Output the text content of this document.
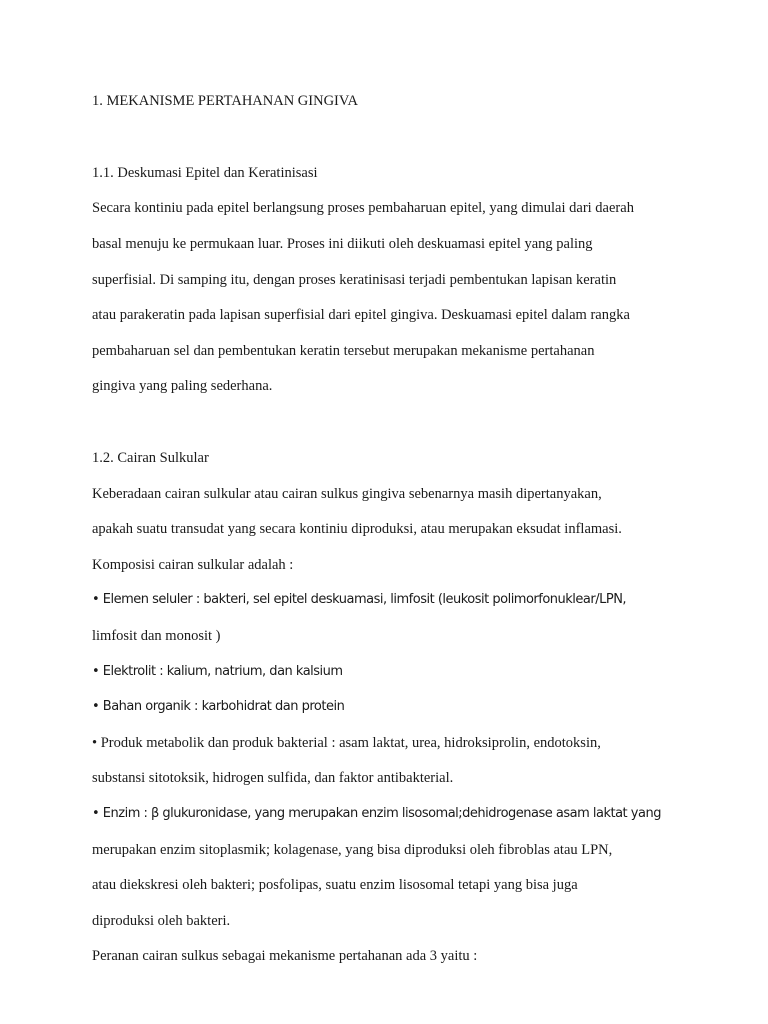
1. MEKANISME PERTAHANAN GINGIVA
1.1. Deskumasi Epitel dan Keratinisasi
Secara kontiniu pada epitel berlangsung proses pembaharuan epitel, yang dimulai dari daerah
basal menuju ke permukaan luar. Proses ini diikuti oleh deskuamasi epitel yang paling
superfisial. Di samping itu, dengan proses keratinisasi terjadi pembentukan lapisan keratin
atau parakeratin pada lapisan superfisial dari epitel gingiva. Deskuamasi epitel dalam rangka
pembaharuan sel dan pembentukan keratin tersebut merupakan mekanisme pertahanan
gingiva yang paling sederhana.
1.2. Cairan Sulkular
Keberadaan cairan sulkular atau cairan sulkus gingiva sebenarnya masih dipertanyakan,
apakah suatu transudat yang secara kontiniu diproduksi, atau merupakan eksudat inflamasi.
Komposisi cairan sulkular adalah :
• Elemen seluler : bakteri, sel epitel deskuamasi, limfosit (leukosit polimorfonuklear/LPN,
limfosit dan monosit )
• Elektrolit : kalium, natrium, dan kalsium
• Bahan organik : karbohidrat dan protein
• Produk metabolik dan produk bakterial : asam laktat, urea, hidroksiprolin, endotoksin,
substansi sitotoksik, hidrogen sulfida, dan faktor antibakterial.
• Enzim : β glukuronidase, yang merupakan enzim lisosomal;dehidrogenase asam laktat yang
merupakan enzim sitoplasmik; kolagenase, yang bisa diproduksi oleh fibroblas atau LPN,
atau diekskresi oleh bakteri; posfolipas, suatu enzim lisosomal tetapi yang bisa juga
diproduksi oleh bakteri.
Peranan cairan sulkus sebagai mekanisme pertahanan ada 3 yaitu :
